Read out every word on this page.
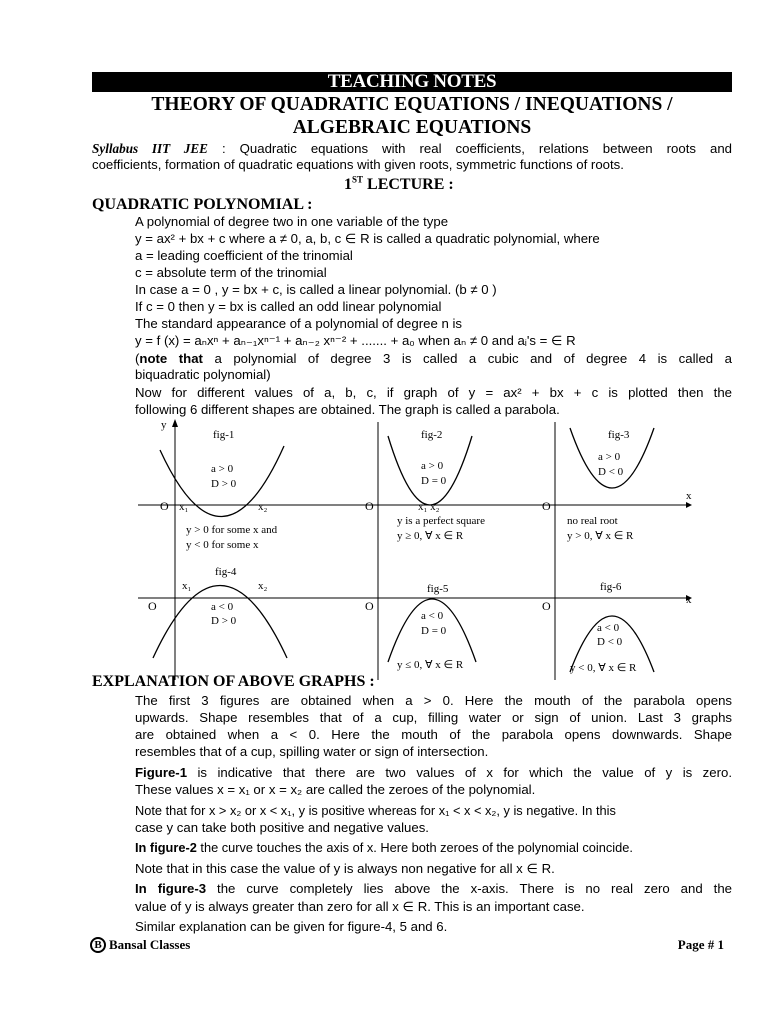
TEACHING NOTES
THEORY OF QUADRATIC EQUATIONS / INEQUATIONS /
ALGEBRAIC EQUATIONS
Syllabus IIT JEE : Quadratic equations with real coefficients, relations between roots and
coefficients, formation of quadratic equations with given roots, symmetric functions of roots.
1ST LECTURE :
QUADRATIC POLYNOMIAL :
A polynomial of degree two in one variable of the type
y = ax² + bx + c where a ≠ 0, a, b, c ∈ R is called a quadratic polynomial, where
a = leading coefficient of the trinomial
c = absolute term of the trinomial
In case a = 0 , y = bx + c, is called a linear polynomial. (b ≠ 0 )
If c = 0 then y = bx is called an odd linear polynomial
The standard appearance of a polynomial of degree n is
y = f (x) = aₙxⁿ + aₙ₋₁xⁿ⁻¹ + aₙ₋₂ xⁿ⁻² + ....... + a₀ when aₙ ≠ 0 and aᵢ's = ∈ R
(note that a polynomial of degree 3 is called a cubic and of degree 4 is called a
biquadratic polynomial)
Now for different values of a, b, c, if graph of y = ax² + bx + c is plotted then the
following 6 different shapes are obtained. The graph is called a parabola.
y
x
x
O	O	O
O	O	O
fig-1
a > 0
D > 0
x₁	x₂
y > 0 for some x and
y < 0 for some x
fig-2
a > 0
D = 0
x₁ x₂
y is a perfect square
y ≥ 0, ∀ x ∈ R
fig-3
a > 0
D < 0
no real root
y > 0, ∀ x ∈ R
fig-4
x₁	x₂
a < 0
D > 0
fig-5
a < 0
D = 0
y ≤ 0, ∀ x ∈ R
fig-6
a < 0
D < 0
y < 0, ∀ x ∈ R
EXPLANATION OF ABOVE GRAPHS :
The first 3 figures are obtained when a > 0. Here the mouth of the parabola opens
upwards. Shape resembles that of a cup, filling water or sign of union. Last 3 graphs
are obtained when a < 0. Here the mouth of the parabola opens downwards. Shape
resembles that of a cup, spilling water or sign of intersection.
Figure-1 is indicative that there are two values of x for which the value of y is zero.
These values x = x₁ or x = x₂ are called the zeroes of the polynomial.
Note that for x > x₂ or x < x₁, y is positive whereas for x₁ < x < x₂, y is negative. In this
case y can take both positive and negative values.
In figure-2 the curve touches the axis of x. Here both zeroes of the polynomial coincide.
Note that in this case the value of y is always non negative for all x ∈ R.
In figure-3 the curve completely lies above the x-axis. There is no real zero and the
value of y is always greater than zero for all x ∈ R. This is an important case.
Similar explanation can be given for figure-4, 5 and 6.
B Bansal Classes	Page # 1
